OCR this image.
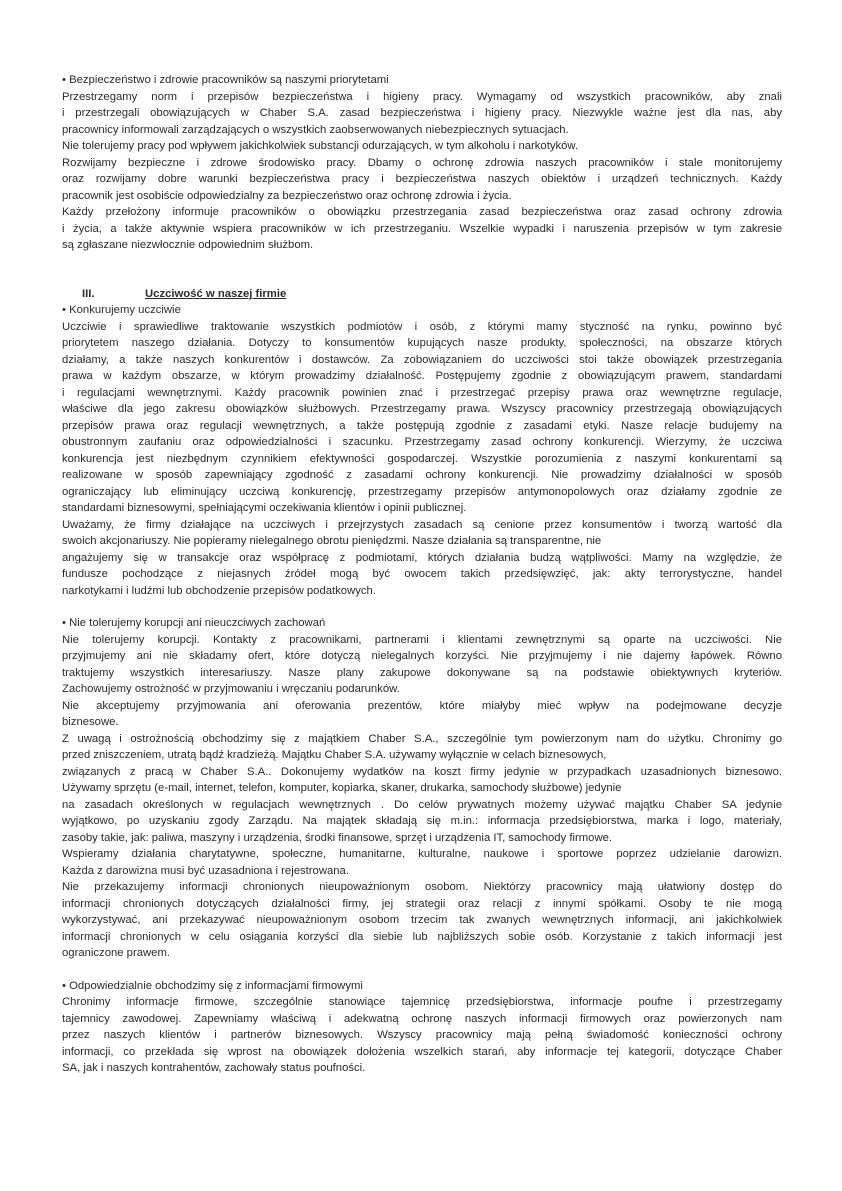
• Bezpieczeństwo i zdrowie pracowników są naszymi priorytetami
Przestrzegamy norm i przepisów bezpieczeństwa i higieny pracy. Wymagamy od wszystkich pracowników, aby znali
i przestrzegali obowiązujących w Chaber S.A. zasad bezpieczeństwa i higieny pracy. Niezwykle ważne jest dla nas, aby
pracownicy informowali zarządzających o wszystkich zaobserwowanych niebezpiecznych sytuacjach.
Nie tolerujemy pracy pod wpływem jakichkolwiek substancji odurzających, w tym alkoholu i narkotyków.
Rozwijamy bezpieczne i zdrowe środowisko pracy. Dbamy o ochronę zdrowia naszych pracowników i stale monitorujemy
oraz rozwijamy dobre warunki bezpieczeństwa pracy i bezpieczeństwa naszych obiektów i urządzeń technicznych. Każdy
pracownik jest osobiście odpowiedzialny za bezpieczeństwo oraz ochronę zdrowia i życia.
Każdy przełożony informuje pracowników o obowiązku przestrzegania zasad bezpieczeństwa oraz zasad ochrony zdrowia
i życia, a także aktywnie wspiera pracowników w ich przestrzeganiu. Wszelkie wypadki i naruszenia przepisów w tym zakresie
są zgłaszane niezwłocznie odpowiednim służbom.
III.	Uczciwość w naszej firmie
• Konkurujemy uczciwie
Uczciwie i sprawiedliwe traktowanie wszystkich podmiotów i osób, z którymi mamy styczność na rynku, powinno być
priorytetem naszego działania. Dotyczy to konsumentów kupujących nasze produkty, społeczności, na obszarze których
działamy, a także naszych konkurentów i dostawców. Za zobowiązaniem do uczciwości stoi także obowiązek przestrzegania
prawa w każdym obszarze, w którym prowadzimy działalność. Postępujemy zgodnie z obowiązującym prawem, standardami
i regulacjami wewnętrznymi. Każdy pracownik powinien znać i przestrzegać przepisy prawa oraz wewnętrzne regulacje,
właściwe dla jego zakresu obowiązków służbowych. Przestrzegamy prawa. Wszyscy pracownicy przestrzegają obowiązujących
przepisów prawa oraz regulacji wewnętrznych, a także postępują zgodnie z zasadami etyki. Nasze relacje budujemy na
obustronnym zaufaniu oraz odpowiedzialności i szacunku. Przestrzegamy zasad ochrony konkurencji. Wierzymy, że uczciwa
konkurencja jest niezbędnym czynnikiem efektywności gospodarczej. Wszystkie porozumienia z naszymi konkurentami są
realizowane w sposób zapewniający zgodność z zasadami ochrony konkurencji. Nie prowadzimy działalności w sposób
ograniczający lub eliminujący uczciwą konkurencję, przestrzegamy przepisów antymonopolowych oraz działamy zgodnie ze
standardami biznesowymi, spełniającymi oczekiwania klientów i opinii publicznej.
Uważamy, że firmy działające na uczciwych i przejrzystych zasadach są cenione przez konsumentów i tworzą wartość dla
swoich akcjonariuszy. Nie popieramy nielegalnego obrotu pieniędzmi. Nasze działania są transparentne, nie
angażujemy się w transakcje oraz współpracę z podmiotami, których działania budzą wątpliwości. Mamy na względzie, że
fundusze pochodzące z niejasnych źródeł mogą być owocem takich przedsięwzięć, jak: akty terrorystyczne, handel
narkotykami i ludźmi lub obchodzenie przepisów podatkowych.
• Nie tolerujemy korupcji ani nieuczciwych zachowań
Nie tolerujemy korupcji. Kontakty z pracownikami, partnerami i klientami zewnętrznymi są oparte na uczciwości. Nie
przyjmujemy ani nie składamy ofert, które dotyczą nielegalnych korzyści. Nie przyjmujemy i nie dajemy łapówek. Równo
traktujemy wszystkich interesariuszy. Nasze plany zakupowe dokonywane są na podstawie obiektywnych kryteriów.
Zachowujemy ostrożność w przyjmowaniu i wręczaniu podarunków.
Nie akceptujemy przyjmowania ani oferowania prezentów, które miałyby mieć wpływ na podejmowane decyzje
biznesowe.
Z uwagą i ostrożnością obchodzimy się z majątkiem Chaber S.A., szczególnie tym powierzonym nam do użytku. Chronimy go
przed zniszczeniem, utratą bądź kradzieżą. Majątku Chaber S.A. używamy wyłącznie w celach biznesowych,
związanych z pracą w Chaber S.A.. Dokonujemy wydatków na koszt firmy jedynie w przypadkach uzasadnionych biznesowo.
Używamy sprzętu (e-mail, internet, telefon, komputer, kopiarka, skaner, drukarka, samochody służbowe) jedynie
na zasadach określonych w regulacjach wewnętrznych . Do celów prywatnych możemy używać majątku Chaber SA jedynie
wyjątkowo, po uzyskaniu zgody Zarządu. Na majątek składają się m.in.: informacja przedsiębiorstwa, marka i logo, materiały,
zasoby takie, jak: paliwa, maszyny i urządzenia, środki finansowe, sprzęt i urządzenia IT, samochody firmowe.
Wspieramy działania charytatywne, społeczne, humanitarne, kulturalne, naukowe i sportowe poprzez udzielanie darowizn.
Każda z darowizna musi być uzasadniona i rejestrowana.
Nie przekazujemy informacji chronionych nieupoważnionym osobom. Niektórzy pracownicy mają ułatwiony dostęp do
informacji chronionych dotyczących działalności firmy, jej strategii oraz relacji z innymi spółkami. Osoby te nie mogą
wykorzystywać, ani przekazywać nieupoważnionym osobom trzecim tak zwanych wewnętrznych informacji, ani jakichkolwiek
informacji chronionych w celu osiągania korzyści dla siebie lub najbliższych sobie osób. Korzystanie z takich informacji jest
ograniczone prawem.
• Odpowiedzialnie obchodzimy się z informacjami firmowymi
Chronimy informacje firmowe, szczególnie stanowiące tajemnicę przedsiębiorstwa, informacje poufne i przestrzegamy
tajemnicy zawodowej. Zapewniamy właściwą i adekwatną ochronę naszych informacji firmowych oraz powierzonych nam
przez naszych klientów i partnerów biznesowych. Wszyscy pracownicy mają pełną świadomość konieczności ochrony
informacji, co przekłada się wprost na obowiązek dołożenia wszelkich starań, aby informacje tej kategorii, dotyczące Chaber
SA, jak i naszych kontrahentów, zachowały status poufności.
